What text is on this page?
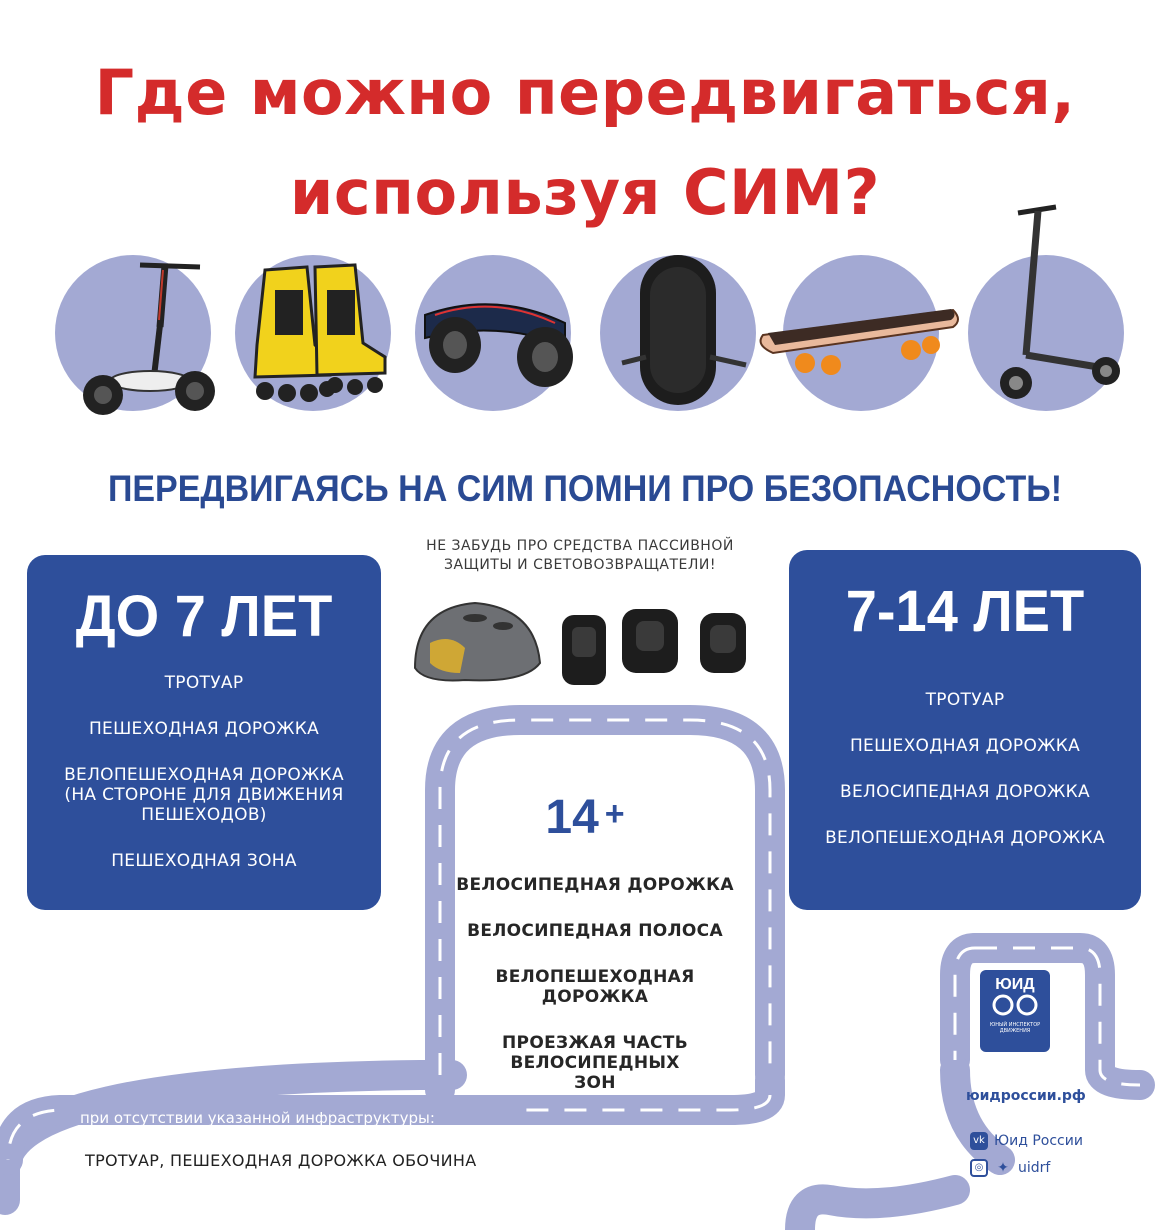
Где можно передвигаться,
используя СИМ?
ПЕРЕДВИГАЯСЬ НА СИМ ПОМНИ ПРО БЕЗОПАСНОСТЬ!
НЕ ЗАБУДЬ ПРО СРЕДСТВА ПАССИВНОЙ
ЗАЩИТЫ И СВЕТОВОЗВРАЩАТЕЛИ!
ДО 7 ЛЕТ
ТРОТУАР
ПЕШЕХОДНАЯ ДОРОЖКА
ВЕЛОПЕШЕХОДНАЯ ДОРОЖКА (НА СТОРОНЕ ДЛЯ ДВИЖЕНИЯ ПЕШЕХОДОВ)
ПЕШЕХОДНАЯ ЗОНА
7-14 ЛЕТ
ТРОТУАР
ПЕШЕХОДНАЯ ДОРОЖКА
ВЕЛОСИПЕДНАЯ ДОРОЖКА
ВЕЛОПЕШЕХОДНАЯ ДОРОЖКА
14 +
ВЕЛОСИПЕДНАЯ ДОРОЖКА
ВЕЛОСИПЕДНАЯ ПОЛОСА
ВЕЛОПЕШЕХОДНАЯ ДОРОЖКА
ПРОЕЗЖАЯ ЧАСТЬ ВЕЛОСИПЕДНЫХ ЗОН
при отсутствии указанной инфраструктуры:
ТРОТУАР, ПЕШЕХОДНАЯ ДОРОЖКА ОБОЧИНА
ЮИД
ЮНЫЙ ИНСПЕКТОР ДВИЖЕНИЯ
юидроссии.рф
vk Юид России
◎ ✦ uidrf
